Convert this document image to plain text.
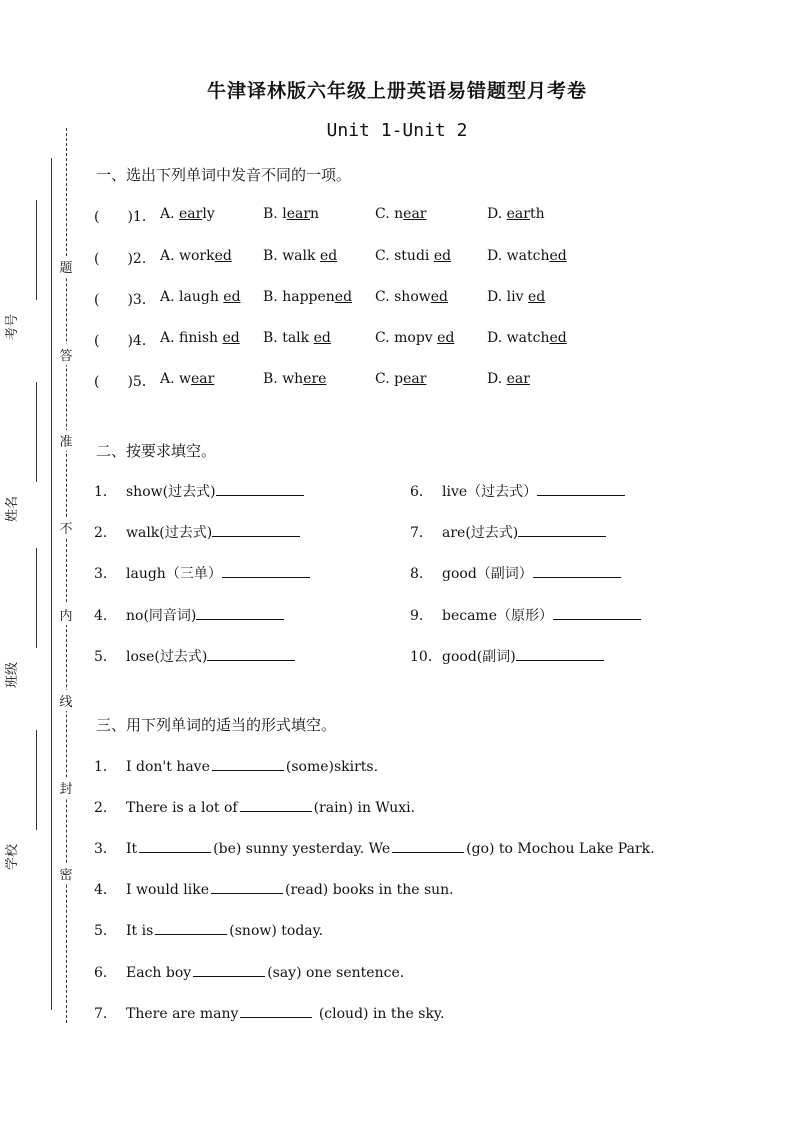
牛津译林版六年级上册英语易错题型月考卷
Unit 1-Unit 2
题
答
准
不
内
线
封
密
考号
姓名
班级
学校
一、选出下列单词中发音不同的一项。
(　　)1． A. early	B. learn	C. near	D. earth
(　　)2． A. worked B. walk ed	C. studi ed	D. watched
(　　)3． A. laugh ed B. happened C. showed	D. liv ed
(　　)4． A. finish ed B. talk ed	C. mopv ed D. watched
(　　)5． A. wear	B. where	C. pear	D. ear
二、按要求填空。
1． show(过去式)
2． walk(过去式)
3． laugh（三单）
4． no(同音词)
5． lose(过去式)
6． live（过去式）
7． are(过去式)
8． good（副词）
9． became（原形）
10．good(副词)
三、用下列单词的适当的形式填空。
1． I don't have	(some)skirts.
2． There is a lot of	(rain) in Wuxi.
3． It	(be) sunny yesterday. We	(go) to Mochou Lake Park.
4． I would like	(read) books in the sun.
5． It is	(snow) today.
6． Each boy	(say) one sentence.
7． There are many	(cloud) in the sky.
